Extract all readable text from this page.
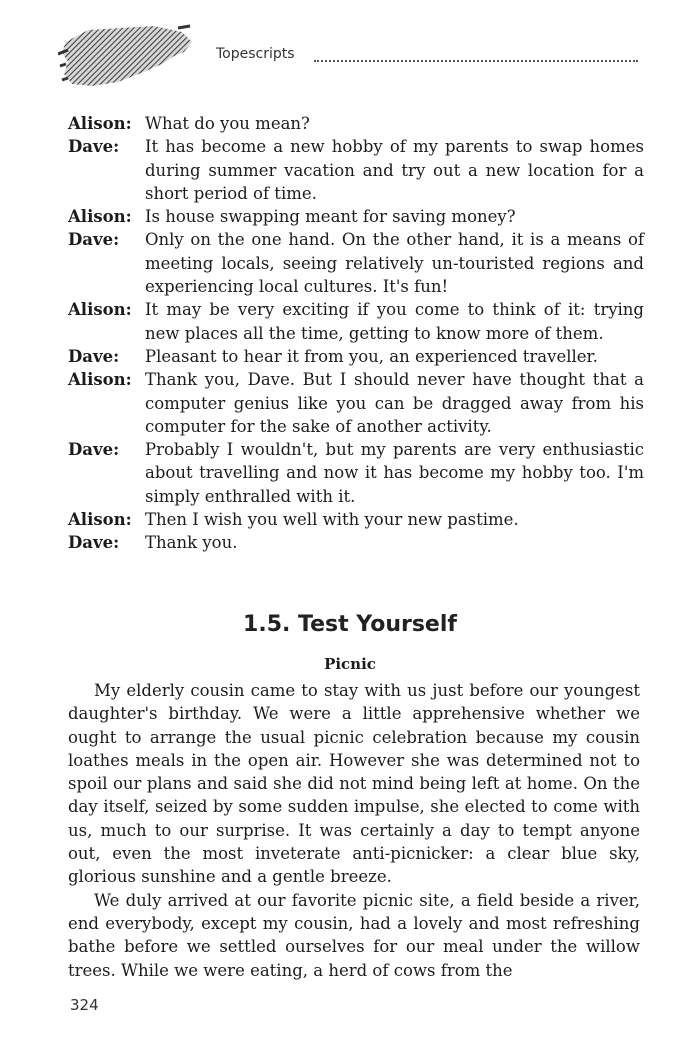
Topescripts
Alison: What do you mean?
Dave:	It has become a new hobby of my parents to swap homes during summer vacation and try out a new location for a short period of time.
Alison: Is house swapping meant for saving money?
Dave:	Only on the one hand. On the other hand, it is a means of meeting locals, seeing relatively un-touristed regions and experiencing local cultures. It's fun!
Alison: It may be very exciting if you come to think of it: trying new places all the time, getting to know more of them.
Dave:	Pleasant to hear it from you, an experienced traveller.
Alison: Thank you, Dave. But I should never have thought that a computer genius like you can be dragged away from his computer for the sake of another activity.
Dave:	Probably I wouldn't, but my parents are very enthusiastic about travelling and now it has become my hobby too. I'm simply enthralled with it.
Alison: Then I wish you well with your new pastime.
Dave:	Thank you.
1.5. Test Yourself
Picnic

My elderly cousin came to stay with us just before our youngest daughter's birthday. We were a little apprehensive whether we ought to arrange the usual picnic celebration because my cousin loathes meals in the open air. However she was determined not to spoil our plans and said she did not mind being left at home. On the day itself, seized by some sudden impulse, she elected to come with us, much to our surprise. It was certainly a day to tempt anyone out, even the most inveterate anti-picnicker: a clear blue sky, glorious sunshine and a gentle breeze.

We duly arrived at our favorite picnic site, a field beside a river, end everybody, except my cousin, had a lovely and most refreshing bathe before we settled ourselves for our meal under the willow trees. While we were eating, a herd of cows from the

324
